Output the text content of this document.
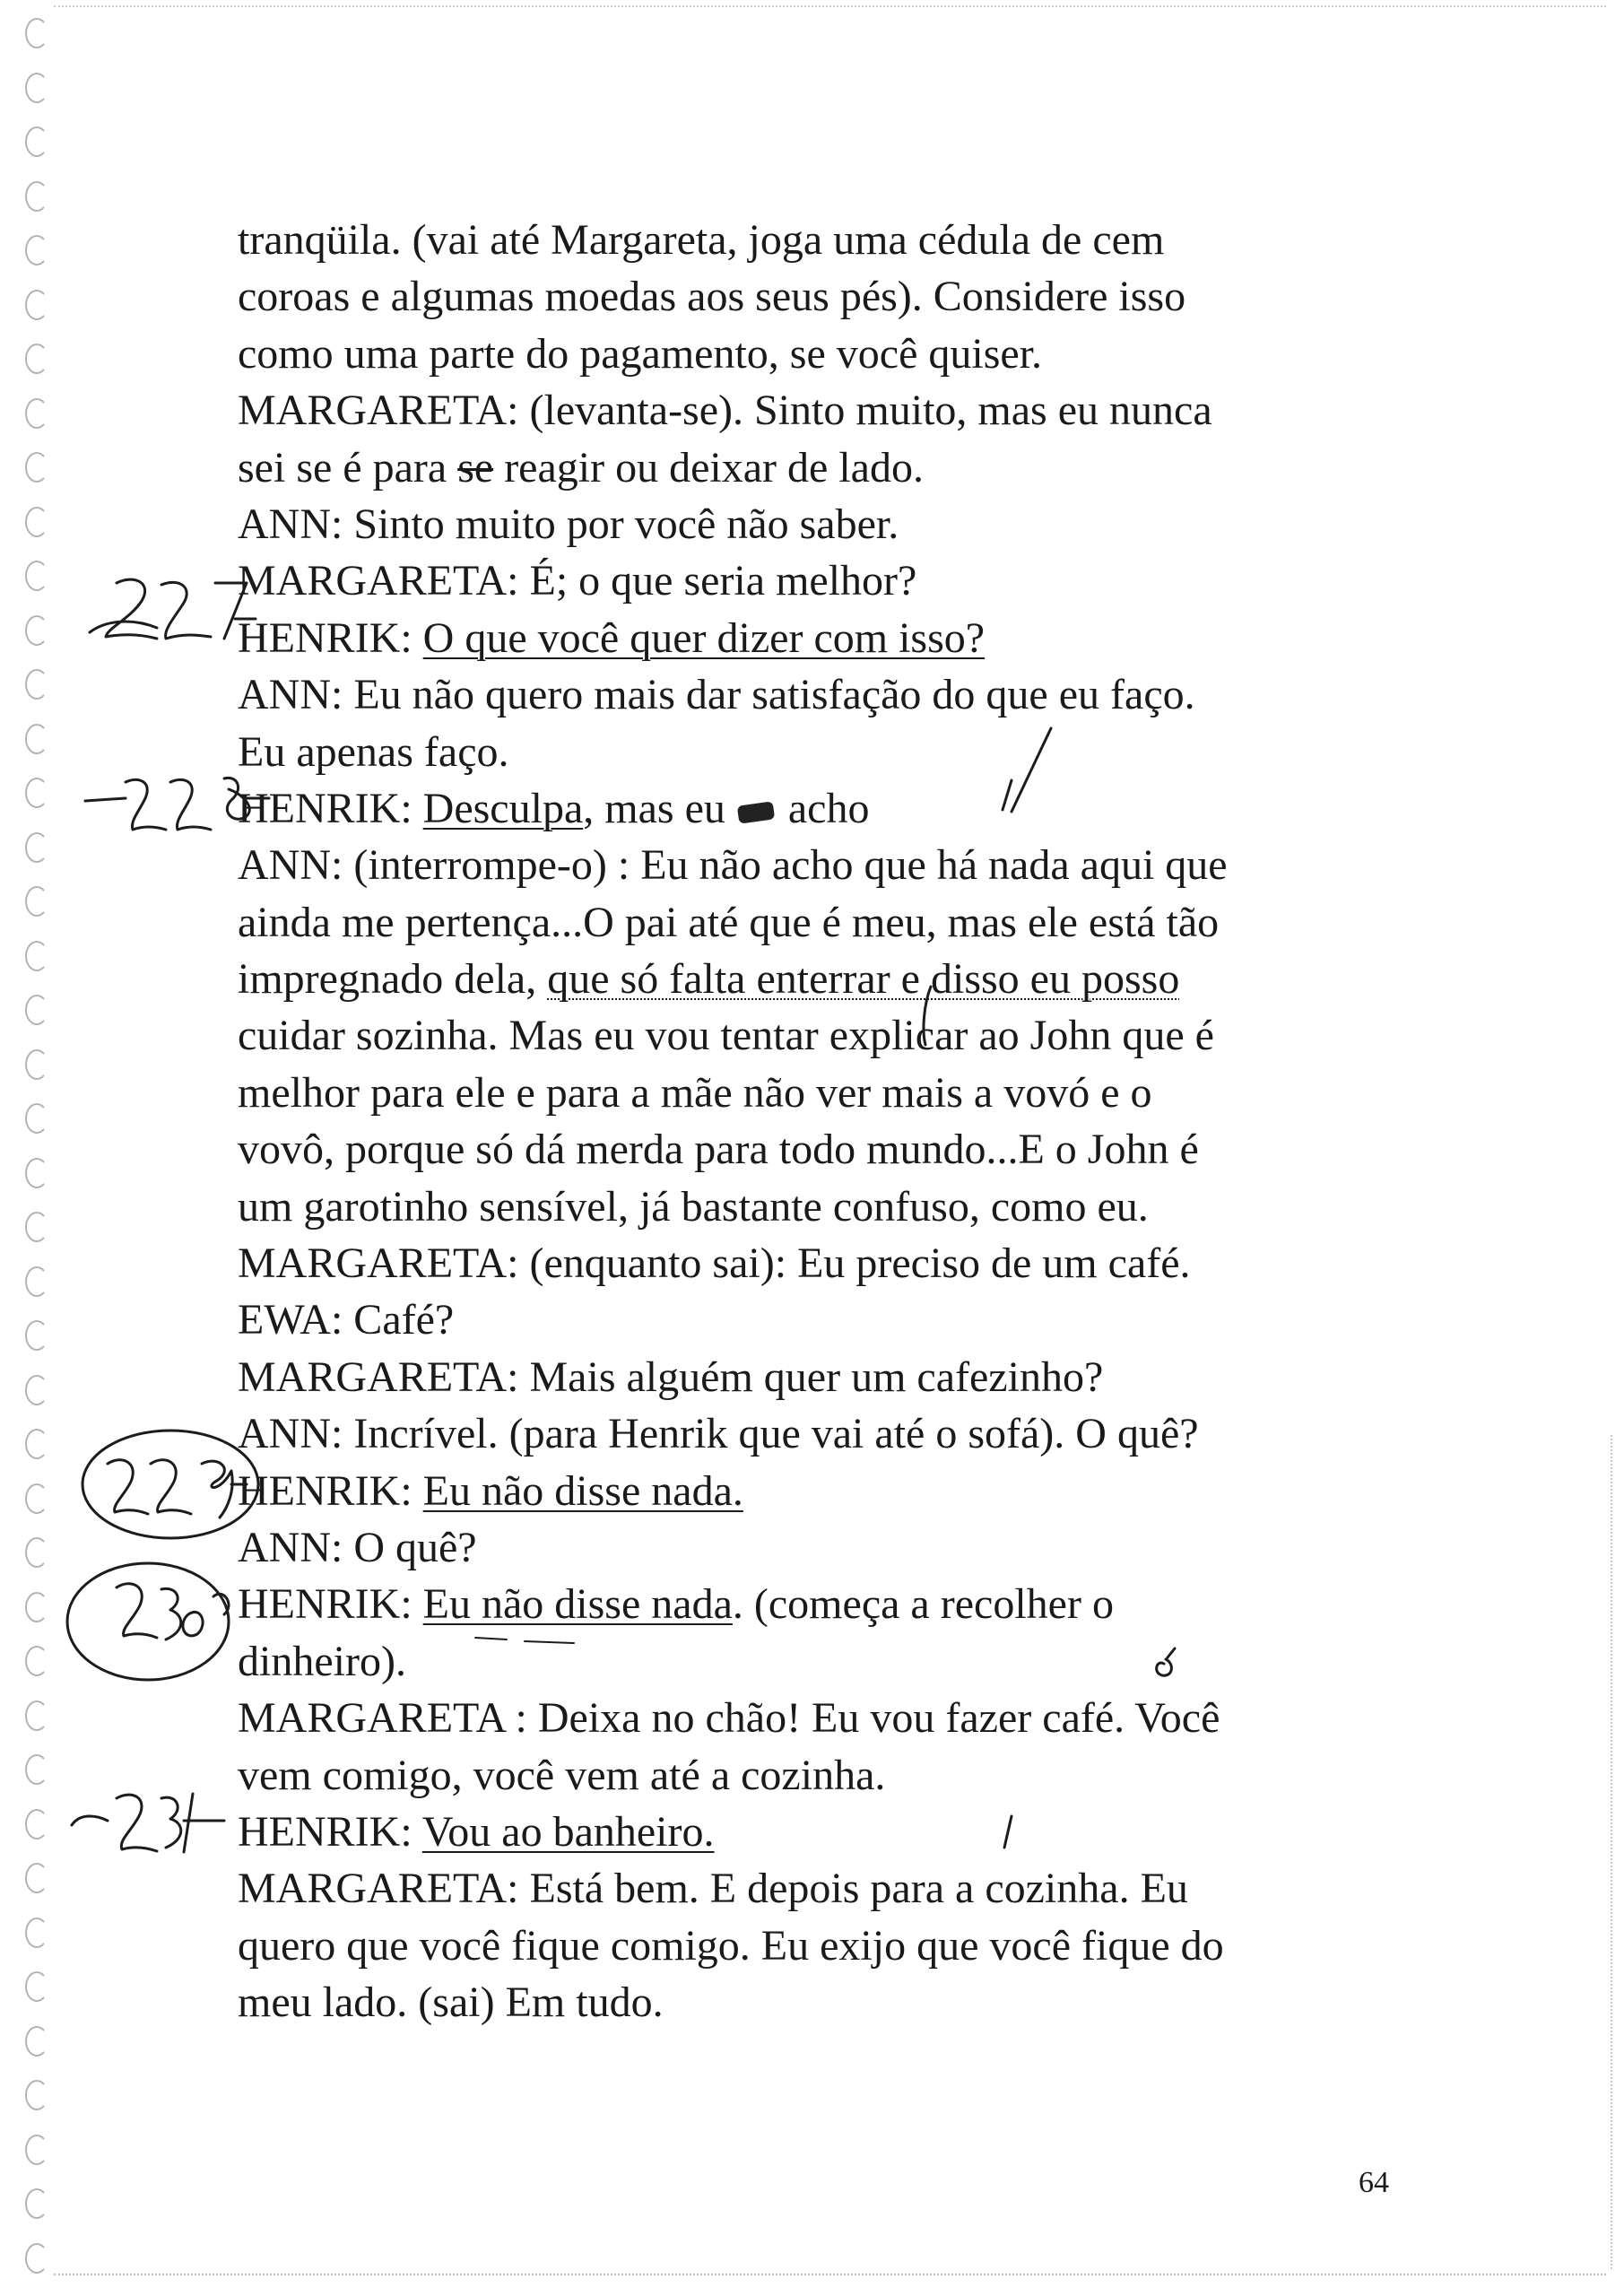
tranqüila. (vai até Margareta, joga uma cédula de cem
coroas e algumas moedas aos seus pés). Considere isso
como uma parte do pagamento, se você quiser.
MARGARETA: (levanta-se). Sinto muito, mas eu nunca
sei se é para se reagir ou deixar de lado.
ANN: Sinto muito por você não saber.
MARGARETA: É; o que seria melhor?
HENRIK: O que você quer dizer com isso?
ANN: Eu não quero mais dar satisfação do que eu faço.
Eu apenas faço.
HENRIK: Desculpa, mas eu  acho
ANN: (interrompe-o) : Eu não acho que há nada aqui que
ainda me pertença...O pai até que é meu, mas ele está tão
impregnado dela, que só falta enterrar e disso eu posso
cuidar sozinha. Mas eu vou tentar explicar ao John que é
melhor para ele e para a mãe não ver mais a vovó e o
vovô, porque só dá merda para todo mundo...E o John é
um garotinho sensível, já bastante confuso, como eu.
MARGARETA: (enquanto sai): Eu preciso de um café.
EWA: Café?
MARGARETA: Mais alguém quer um cafezinho?
ANN: Incrível. (para Henrik que vai até o sofá). O quê?
HENRIK: Eu não disse nada.
ANN: O quê?
HENRIK: Eu não disse nada. (começa a recolher o
dinheiro).
MARGARETA : Deixa no chão! Eu vou fazer café. Você
vem comigo, você vem até a cozinha.
HENRIK: Vou ao banheiro.
MARGARETA: Está bem. E depois para a cozinha. Eu
quero que você fique comigo. Eu exijo que você fique do
meu lado. (sai) Em tudo.
64
